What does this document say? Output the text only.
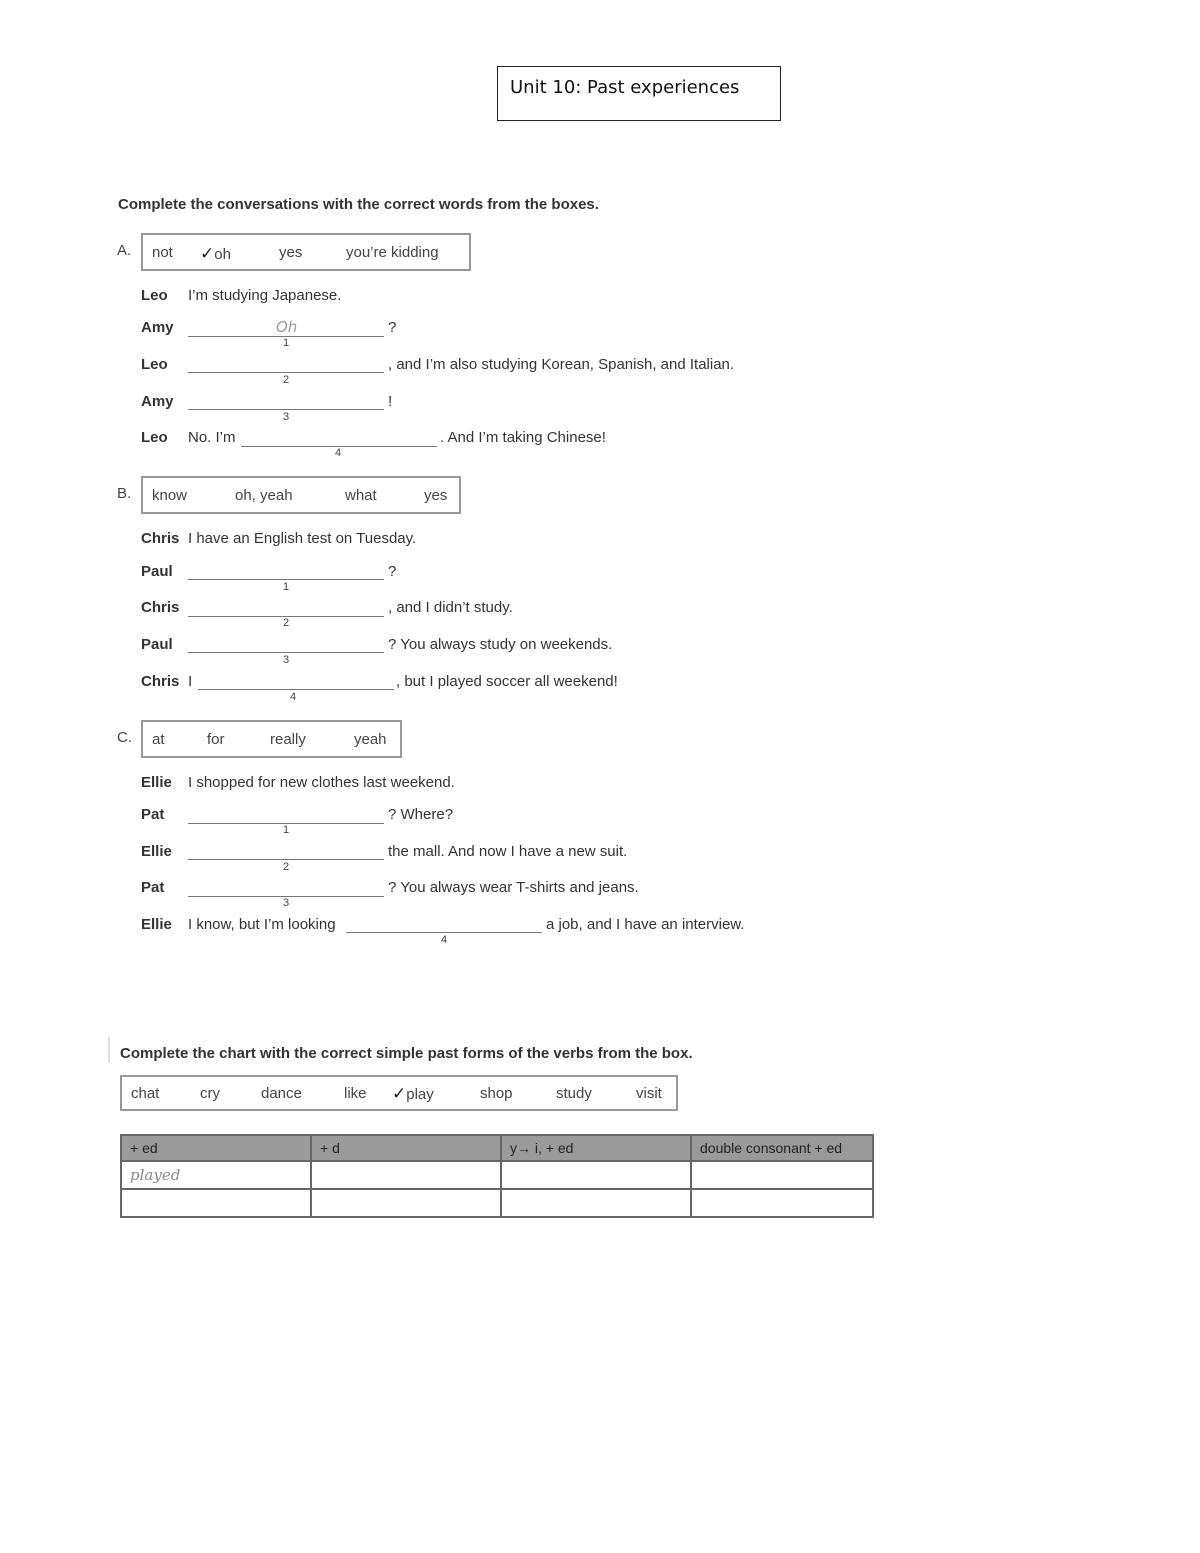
Unit 10: Past experiences
Complete the conversations with the correct words from the boxes.
A. not ✓oh	yes	you’re kidding
Leo I’m studying Japanese.
Amy	Oh
1
?
Leo
2
, and I’m also studying Korean, Spanish, and Italian.
Amy
3
!
Leo No. I’m
4
. And I’m taking Chinese!
B. know	oh, yeah	what	yes
Chris I have an English test on Tuesday.
Paul
1
?
Chris
2
, and I didn’t study.
Paul
3
? You always study on weekends.
Chris I
4
, but I played soccer all weekend!
C. at	for	really	yeah
Ellie I shopped for new clothes last weekend.
Pat
1
? Where?
Ellie
2
the mall. And now I have a new suit.
Pat
3
? You always wear T-shirts and jeans.
Ellie I know, but I’m looking
4
a job, and I have an interview.
Complete the chart with the correct simple past forms of the verbs from the box.
chat	cry	dance	like ✓play	shop	study	visit
+ ed	+ d	y→ i, + ed	double consonant + ed
played			
